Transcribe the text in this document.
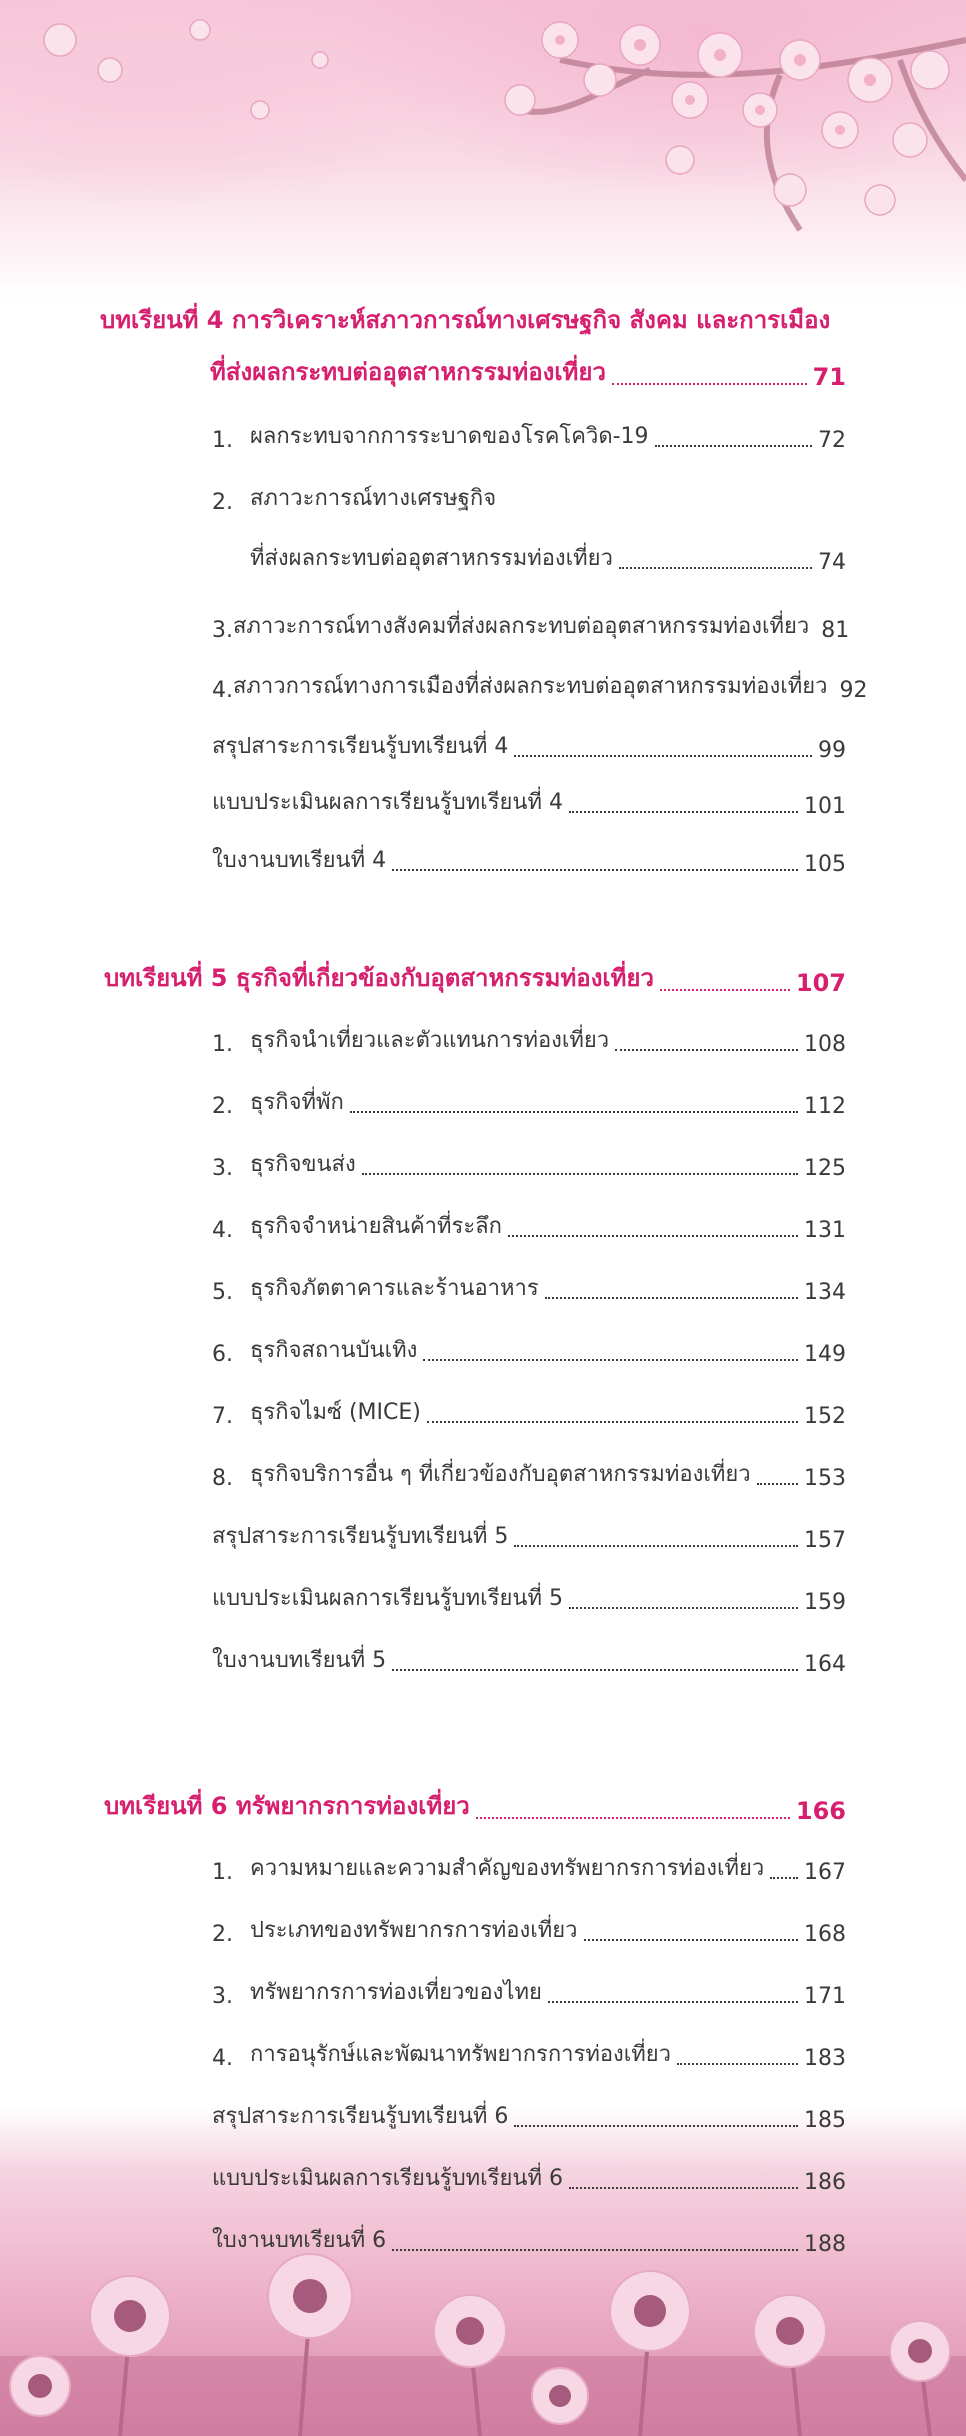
บทเรียนที่ 4 การวิเคราะห์สภาวการณ์ทางเศรษฐกิจ สังคม และการเมือง
ที่ส่งผลกระทบต่ออุตสาหกรรมท่องเที่ยว	71
1. ผลกระทบจากการระบาดของโรคโควิด-19	72
2. สภาวะการณ์ทางเศรษฐกิจ
ที่ส่งผลกระทบต่ออุตสาหกรรมท่องเที่ยว	74
3. สภาวะการณ์ทางสังคมที่ส่งผลกระทบต่ออุตสาหกรรมท่องเที่ยว 81
4. สภาวการณ์ทางการเมืองที่ส่งผลกระทบต่ออุตสาหกรรมท่องเที่ยว 92
สรุปสาระการเรียนรู้บทเรียนที่ 4	99
แบบประเมินผลการเรียนรู้บทเรียนที่ 4	101
ใบงานบทเรียนที่ 4	105
บทเรียนที่ 5 ธุรกิจที่เกี่ยวข้องกับอุตสาหกรรมท่องเที่ยว	107
1. ธุรกิจนำเที่ยวและตัวแทนการท่องเที่ยว	108
2. ธุรกิจที่พัก	112
3. ธุรกิจขนส่ง	125
4. ธุรกิจจำหน่ายสินค้าที่ระลึก	131
5. ธุรกิจภัตตาคารและร้านอาหาร	134
6. ธุรกิจสถานบันเทิง	149
7. ธุรกิจไมซ์ (MICE)	152
8. ธุรกิจบริการอื่น ๆ ที่เกี่ยวข้องกับอุตสาหกรรมท่องเที่ยว 153
สรุปสาระการเรียนรู้บทเรียนที่ 5	157
แบบประเมินผลการเรียนรู้บทเรียนที่ 5	159
ใบงานบทเรียนที่ 5	164
บทเรียนที่ 6 ทรัพยากรการท่องเที่ยว	166
1. ความหมายและความสำคัญของทรัพยากรการท่องเที่ยว 167
2. ประเภทของทรัพยากรการท่องเที่ยว	168
3. ทรัพยากรการท่องเที่ยวของไทย	171
4. การอนุรักษ์และพัฒนาทรัพยากรการท่องเที่ยว	183
สรุปสาระการเรียนรู้บทเรียนที่ 6	185
แบบประเมินผลการเรียนรู้บทเรียนที่ 6	186
ใบงานบทเรียนที่ 6	188
